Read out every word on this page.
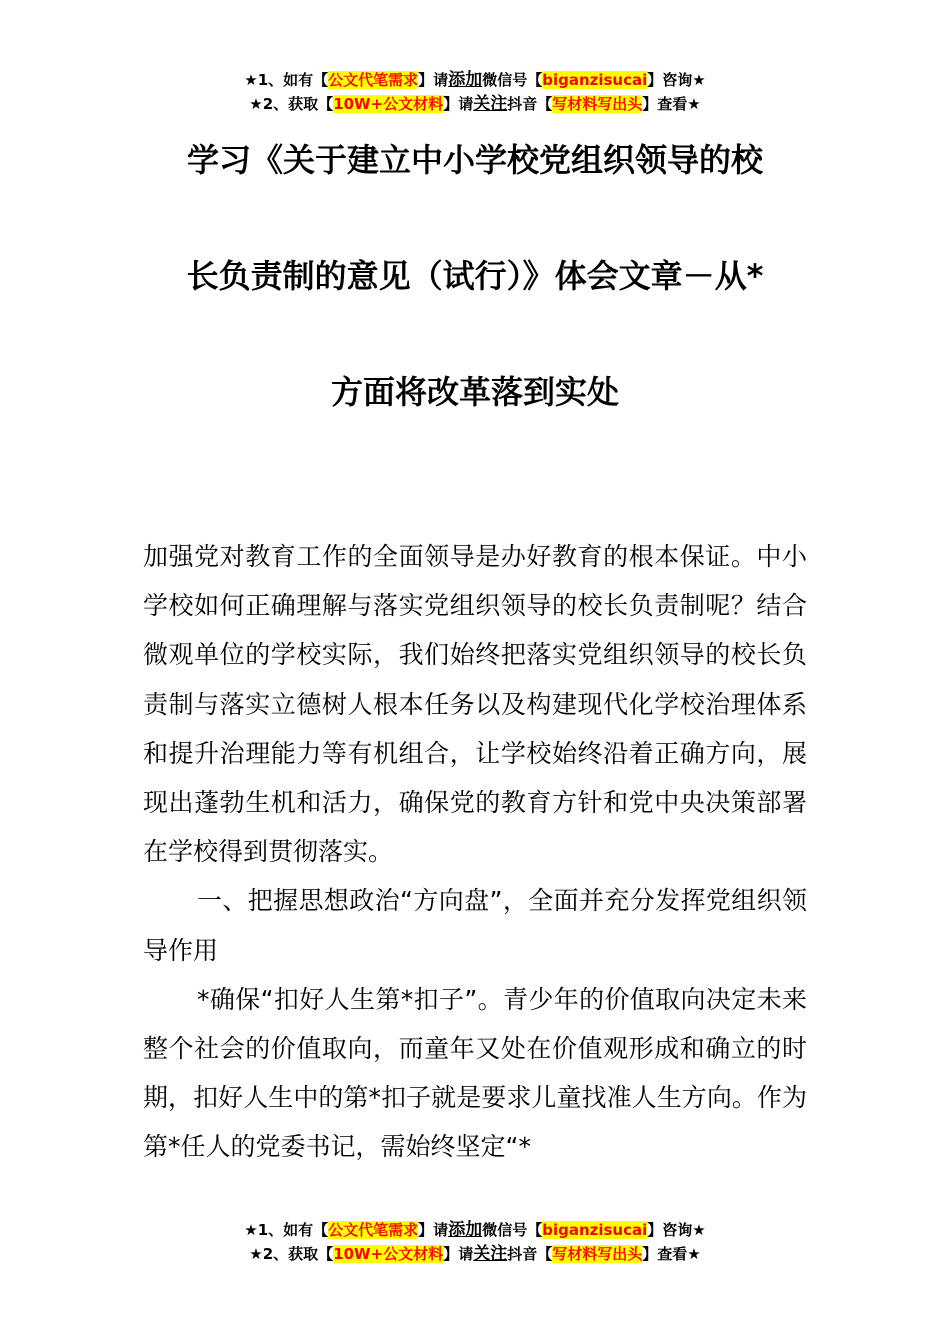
★1、如有【公文代笔需求】请添加微信号【biganzisucai】咨询★
★2、获取【10W+公文材料】请关注抖音【写材料写出头】查看★
学习《关于建立中小学校党组织领导的校
长负责制的意见（试行）》体会文章－从*
方面将改革落到实处

加强党对教育工作的全面领导是办好教育的根本保证。中小学校如何正确理解与落实党组织领导的校长负责制呢？结合微观单位的学校实际，我们始终把落实党组织领导的校长负责制与落实立德树人根本任务以及构建现代化学校治理体系和提升治理能力等有机组合，让学校始终沿着正确方向，展现出蓬勃生机和活力，确保党的教育方针和党中央决策部署在学校得到贯彻落实。

一、把握思想政治“方向盘”，全面并充分发挥党组织领导作用

*确保“扣好人生第*扣子”。青少年的价值取向决定未来整个社会的价值取向，而童年又处在价值观形成和确立的时期，扣好人生中的第*扣子就是要求儿童找准人生方向。作为第*任人的党委书记，需始终坚定“*

★1、如有【公文代笔需求】请添加微信号【biganzisucai】咨询★
★2、获取【10W+公文材料】请关注抖音【写材料写出头】查看★
